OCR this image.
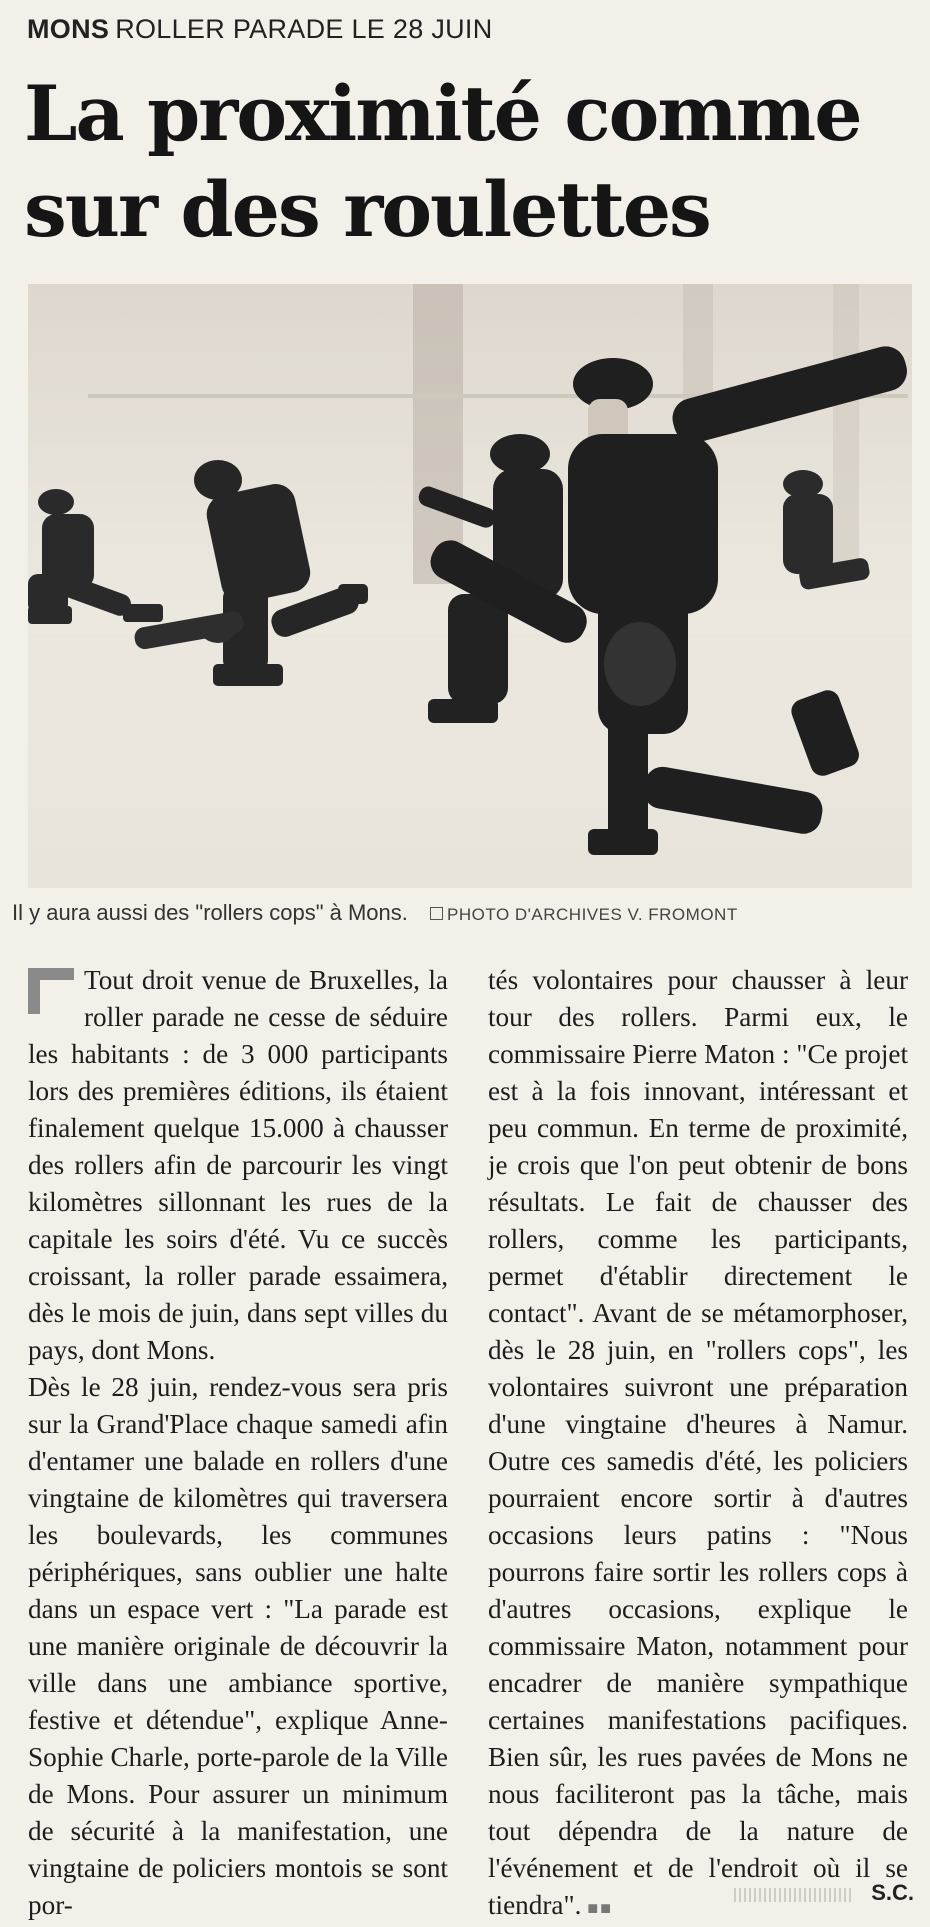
MONS ROLLER PARADE LE 28 JUIN
La proximité comme
sur des roulettes
Il y aura aussi des "rollers cops" à Mons. PHOTO D'ARCHIVES V. FROMONT

Tout droit venue de Bruxelles, la roller parade ne cesse de séduire les habitants : de 3 000 participants lors des premières éditions, ils étaient finalement quelque 15.000 à chausser des rollers afin de parcourir les vingt kilomètres sillonnant les rues de la capitale les soirs d'été. Vu ce succès croissant, la roller parade essaimera, dès le mois de juin, dans sept villes du pays, dont Mons.

Dès le 28 juin, rendez-vous sera pris sur la Grand'Place chaque samedi afin d'entamer une balade en rollers d'une vingtaine de kilomètres qui traversera les boulevards, les communes périphériques, sans oublier une halte dans un espace vert : "La parade est une manière originale de découvrir la ville dans une ambiance sportive, festive et détendue", explique Anne-Sophie Charle, porte-parole de la Ville de Mons. Pour assurer un minimum de sécurité à la manifestation, une vingtaine de policiers montois se sont por-

tés volontaires pour chausser à leur tour des rollers. Parmi eux, le commissaire Pierre Maton : "Ce projet est à la fois innovant, intéressant et peu commun. En terme de proximité, je crois que l'on peut obtenir de bons résultats. Le fait de chausser des rollers, comme les participants, permet d'établir directement le contact". Avant de se métamorphoser, dès le 28 juin, en "rollers cops", les volontaires suivront une préparation d'une vingtaine d'heures à Namur. Outre ces samedis d'été, les policiers pourraient encore sortir à d'autres occasions leurs patins : "Nous pourrons faire sortir les rollers cops à d'autres occasions, explique le commissaire Maton, notamment pour encadrer de manière sympathique certaines manifestations pacifiques. Bien sûr, les rues pavées de Mons ne nous faciliteront pas la tâche, mais tout dépendra de la nature de l'événement et de l'endroit où il se tiendra". ■■

S.C.
